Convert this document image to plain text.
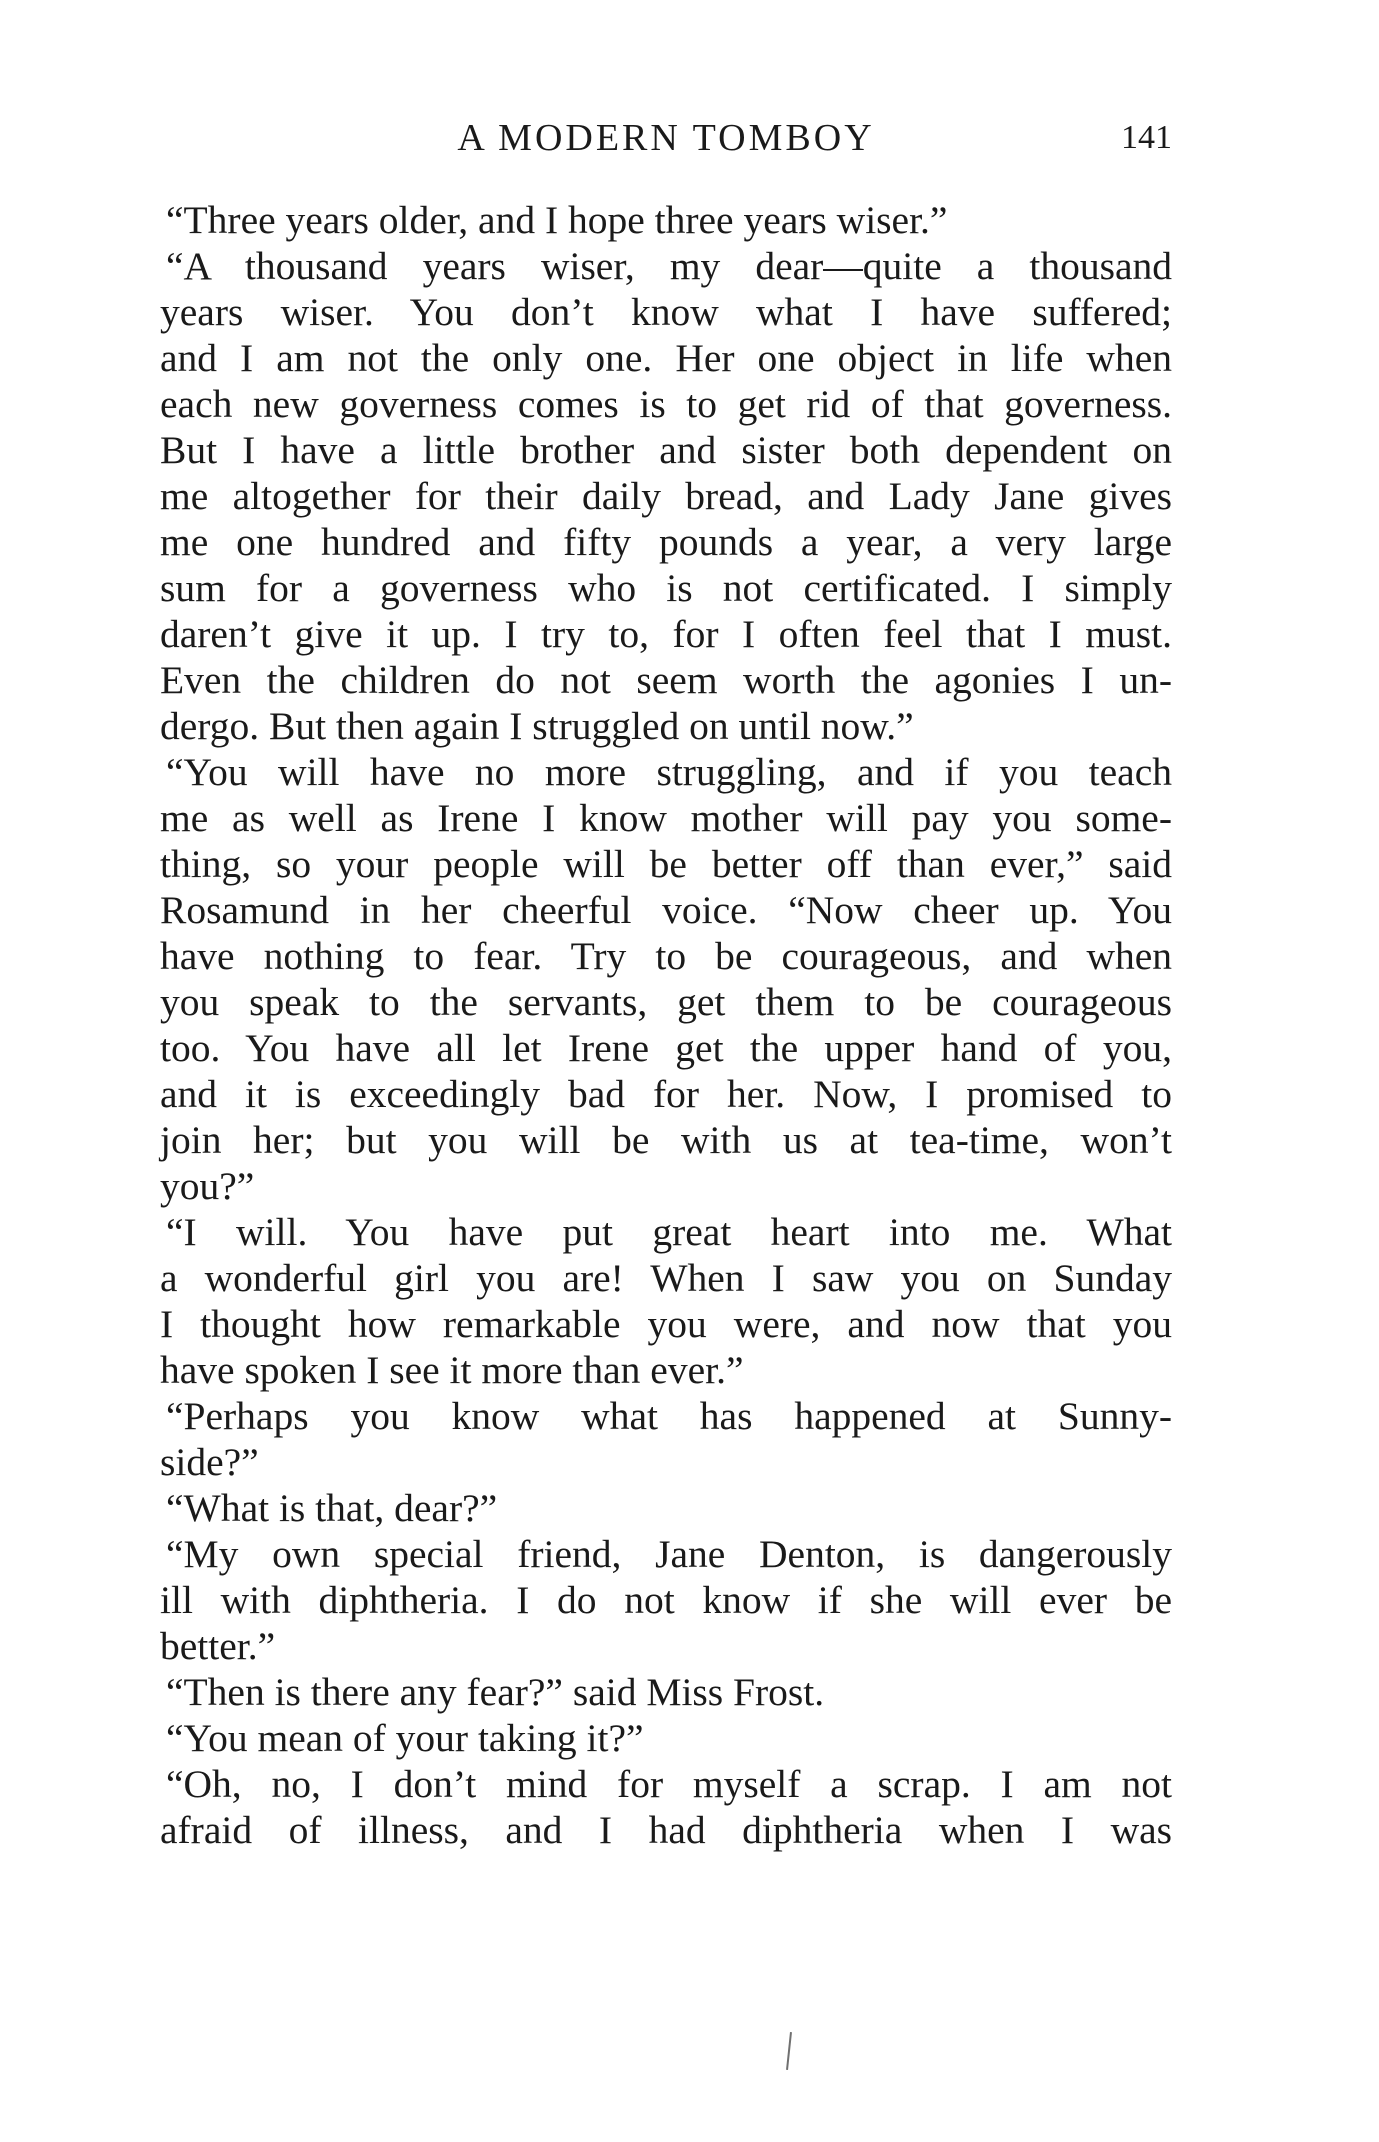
A MODERN TOMBOY	141
“Three years older, and I hope three years wiser.”
“A thousand years wiser, my dear—quite a thousand
years wiser. You don’t know what I have suffered;
and I am not the only one. Her one object in life when
each new governess comes is to get rid of that governess.
But I have a little brother and sister both dependent on
me altogether for their daily bread, and Lady Jane gives
me one hundred and fifty pounds a year, a very large
sum for a governess who is not certificated. I simply
daren’t give it up. I try to, for I often feel that I must.
Even the children do not seem worth the agonies I un-
dergo. But then again I struggled on until now.”
“You will have no more struggling, and if you teach
me as well as Irene I know mother will pay you some-
thing, so your people will be better off than ever,” said
Rosamund in her cheerful voice. “Now cheer up. You
have nothing to fear. Try to be courageous, and when
you speak to the servants, get them to be courageous
too. You have all let Irene get the upper hand of you,
and it is exceedingly bad for her. Now, I promised to
join her; but you will be with us at tea-time, won’t
you?”
“I will. You have put great heart into me. What
a wonderful girl you are! When I saw you on Sunday
I thought how remarkable you were, and now that you
have spoken I see it more than ever.”
“Perhaps you know what has happened at Sunny-
side?”
“What is that, dear?”
“My own special friend, Jane Denton, is dangerously
ill with diphtheria. I do not know if she will ever be
better.”
“Then is there any fear?” said Miss Frost.
“You mean of your taking it?”
“Oh, no, I don’t mind for myself a scrap. I am not
afraid of illness, and I had diphtheria when I was
